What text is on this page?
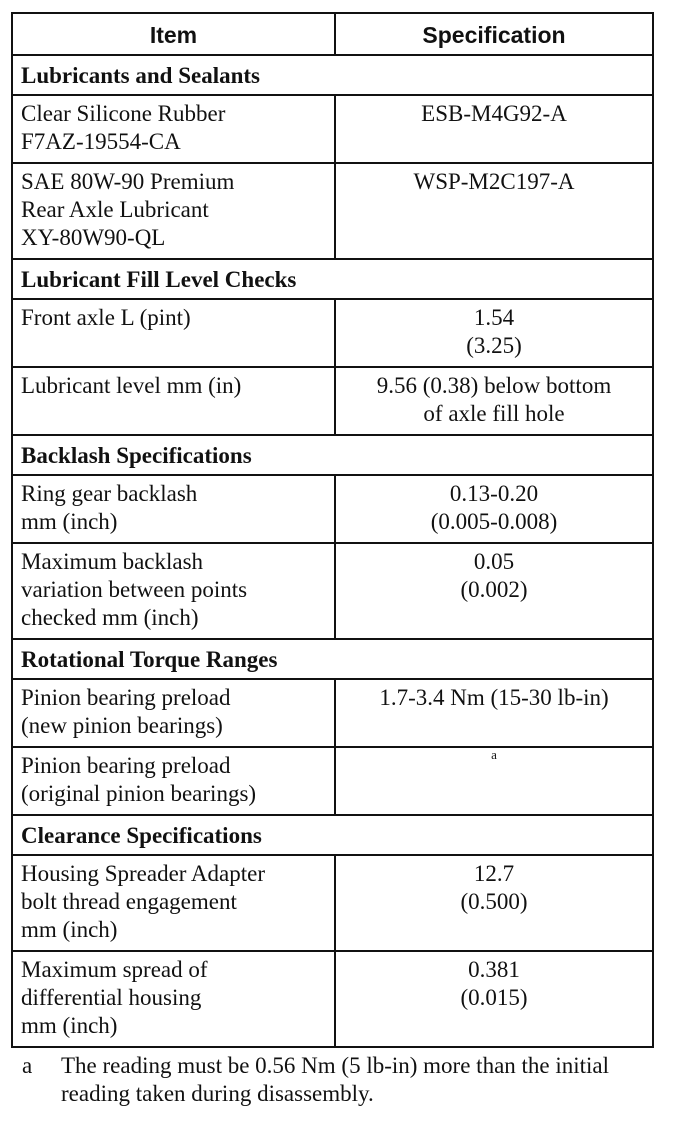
Item	Specification
Lubricants and Sealants	

Clear Silicone Rubber
F7AZ-19554-CA	ESB-M4G92-A

SAE 80W-90 Premium
Rear Axle Lubricant
XY-80W90-QL	WSP-M2C197-A

Lubricant Fill Level Checks	

Front axle L (pint)	1.54
(3.25)

Lubricant level mm (in)	9.56 (0.38) below bottom
of axle fill hole

Backlash Specifications	

Ring gear backlash
mm (inch)	0.13-0.20
(0.005-0.008)

Maximum backlash
variation between points
checked mm (inch)	0.05
(0.002)

Rotational Torque Ranges	

Pinion bearing preload
(new pinion bearings)	1.7-3.4 Nm (15-30 lb-in)

Pinion bearing preload
(original pinion bearings)	a

Clearance Specifications	

Housing Spreader Adapter
bolt thread engagement
mm (inch)	12.7
(0.500)

Maximum spread of
differential housing
mm (inch)	0.381
(0.015)
a	The reading must be 0.56 Nm (5 lb-in) more than the initial reading taken during disassembly.
